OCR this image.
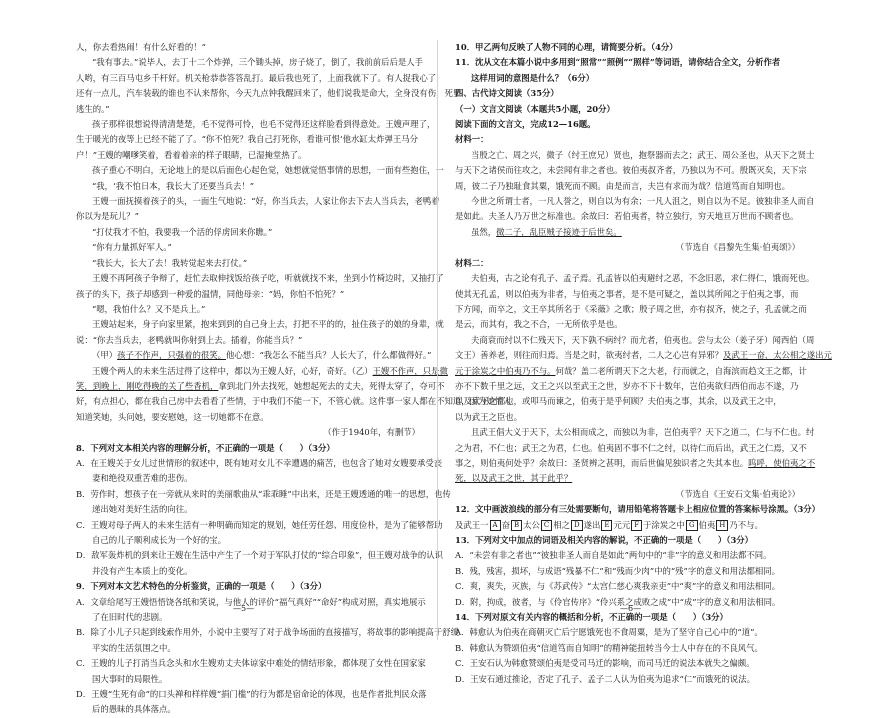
人，你去看热闹！有什么好看的！”
“我有事去。”说毕人，去丁十二个炸弹，三个锄头掉，房子烧了，倒了，我前前后后是人手
人哟，有三百马屯乡千杆好。机关枪恭恭答答乱打。最后我也死了，上面我就下了。有人捉我心了，
还有一点儿，汽车装载的谁也不认来帮你，今天九点钟我醒回来了，他们说我是命大，全身没有伤，死里
逃生的。”
孩子那样很想说得清清楚楚，毛不觉得可怜，也毛不觉得还这样脸看到得意处。王嫂声理了，
生于暖光的夜等上已经不能了了。“你不怕死？我自己打死你，看谁可恨‘他水缸太炸弹王马分
户！”王嫂的嘲嗲笑着，看着着亲的样子眼睛，已湿掩堂热了。
孩子重心不明白，无论地上的是以后面色心起色觉，她想就觉悟事情的思想，一面有些抱住，一
“我，‘我不怕日本，我长大了还要当兵去！”
王嫂一面抚摸着孩子的头，一面生气地说：“好，你当兵去，人家让你去下去人当兵去，老鸭着
你以为是玩儿？”
“打仗我才不怕，我要我一个活的俘虏回来你瞧。”
“你有力量抓好军人。”
“我长大，长大了去！我转觉起来去打仗。”
王嫂不再阿孩子争辩了，赶忙去取伸找饭给孩子吃，听就就找不来，坐到小竹椅边时，又抽打了
孩子的头下，孩子却感到一种爱的温情，同他母亲：“妈，你怕不怕死？”
“嗯，我怕什么？又不是兵上。”
王嫂站起来，身子向家里紧，抱来到到的自己身上去，打把不平的的，扯住孩子的娘的身辈，就
说：“你去当兵去，老鸭就叫你射到上去。插着，你能当兵？”
（甲）孩子不作声，只强着的很笑。他心想：“我怎么不能当兵？人长大了，什么都做得好。”
王嫂个两人的未来生活过得了这样中，都以为王嫂人好，心好，奇好。（乙）王嫂不作声，只是微
笑，到晚上，刚吃得晚的关了些香机，拿到北门外去找死，她想起死去的丈夫，死得太穿了，夺可不
好，有点担心，都在我自己房中去看看了些情，于中我们不能一下，不管心就。这件事一家人都在不知道，因为她怕人
知道笑她，头问她，要安慰她，这一切她都不在意。
（作于1940年，有删节）
8．下列对文本相关内容的理解分析，不正确的一项是（　　）（3分）
A．在王嫂关于女儿过世情形的叙述中，既有她对女儿不幸遭遇的痛苦，也包含了她对女嫂要承受丧
妻和绝役双重苦难的悲伤。
B．劳作时，想孩子在一旁就从来时的美丽歌曲从“乖乖睡”中出来，还是王嫂透通的唯一的思想，也传
递出她对美好生活的向往。
C．王嫂对母子两人的未来生活有一种明确而知定的规划，她任劳任怨、用度俭朴，是为了能够帮助
自己的儿子顺利成长为一个好的宝。
D．敌军轰炸机的到来让王嫂在生活中产生了一个对于军队打仗的“综合印象”，但王嫂对战争的认识
并没有产生本质上的变化。
9．下列对本文艺术特色的分析鉴赏，正确的一项是（　　）（3分）
A．文章给尾写王嫂悟悟饶各纸和笑说，与他人的评价“福气真好”“命好”构成对照，真实地展示
了在旧时代的悲剧。
B．除了小儿子只起到线索作用外，小说中主要写了对于战争场面的直接描写，将故事的影响提高于舒缓
平实的生活氛围之中。
C．王嫂的儿子打消当兵念头和水生嫂劝丈夫体谅家中难处的情结形象，都体现了女性在国家家
国大事时的局限性。
D．王嫂“生死有命”的口头禅和样样嫂“捐门槛”的行为都是宿命论的体现，也是作者批判民众落
后的愚昧的具体落点。
10．甲乙两句反映了人物不同的心理，请简要分析。（4分）
11．沈从文在本篇小说中多用到“照常”“照例”“照样”等词语，请你结合全文，分析作者
这样用词的意图是什么？（6分）
四、古代诗文阅读（35分）
（一）文言文阅读（本题共5小题，20分）
阅读下面的文言文，完成12—16题。
材料一：
当殷之亡、周之兴，微子（纣王庶兄）贤也，抱祭器而去之；武王、周公圣也，从天下之贤士
与天下之诸侯而往攻之，未尝闻有非之者也。彼伯夷叔齐者，乃独以为不可。殷既灭矣，天下宗
周，彼二子乃独耻食其粟，饿死而不顾。由是而言，夫岂有求而为哉？信道笃而自知明也。
今世之所谓士者，一凡人誉之，则自以为有余；一凡人沮之，则自以为不足。彼独非圣人而自
是如此。夫圣人乃万世之标准也。余故曰：若伯夷者，特立独行，穷天地亘万世而不顾者也。
虽然，微二子，乱臣贼子接迹于后世矣。
（节选自《昌黎先生集·伯夷颂》）
材料二：
夫伯夷，古之论有孔子、孟子焉。孔孟皆以伯夷避纣之恶，不念旧恶，求仁得仁，饿而死也。
使其无孔孟，则以伯夷为非者，与伯夷之事者，是不是可疑之，盖以其所闻之于伯夷之事，而
下方闻，而卒之，文王卒其所名于《采薇》之歌；殷子周之世，亦有叔齐，使之子，孔孟就之而
是云，而其有，我之不合，一无所依乎是也。
夫商衰而纣以不仁残天下，天下孰不病纣？而尤者，伯夷也。尝与太公（姜子牙）闻西伯（周
文王）善养老，则往而归焉。当是之时，欲夷纣者，二人之心岂有异邪？及武王一奋，太公相之遂出元
元于涂炭之中伯夷乃不与。何哉？盖二老所谓天下之大老，行而就之，自海滨而趋文王之都，计
亦不下数千里之远，文王之兴以至武王之世，岁亦不下十数年，岂伯夷欲归西伯而志不遂，乃
以及武王之都也，或叩马而谏之，伯夷于是乎何顾？夫伯夷之事，其余，以及武王之中，
以为武王之臣也。
且武王倡大义于天下，太公相而成之，而独以为非，岂伯夷乎？天下之道二，仁与不仁也。纣
之为君，不仁也；武王之为君，仁也。伯夷固不事不仁之纣，以待仁而后出，武王之仁焉，又不
事之，则伯夷何处乎？余故曰：圣贤辨之甚明，而后世偏见独识者之失其本也。呜呼，使伯夷之不
死，以及武王之世，其于此乎？
（节选自《王安石文集·伯夷论》）
12．文中画波浪线的部分有三处需要断句，请用铅笔将答题卡上相应位置的答案标号涂黑。（3分）
及武王一 A 奋 B 太公 C 相之 D 遂出 E 元元 F 于涂炭之中 G 伯夷 H 乃不与。
13．下列对文中加点的词语及相关内容的解说，不正确的一项是（　　）（3分）
A．“未尝有非之者也”“彼独非圣人而自是如此”两句中的“非”字的意义和用法都不同。
B．残，残害，损坏，与成语“残暴不仁”和“残而少肉”中的“残”字的意义和用法都相同。
C．爽，爽失，灭族，与《苏武传》“太宫仁慈心爽我亲吏”中“爽”字的意义和用法相同。
D．附，拘成，彼者，与《伶官传序》“伶兴系之成败之成”中“成”字的意义和用法相同。
14．下列对原文有关内容的概括和分析，不正确的一项是（　　）（3分）
A．韩愈认为伯夷在商朝灭亡后宁愿饿死也不食周粟，是为了坚守自己心中的“道”。
B．韩愈认为赞颂伯夷“信道笃而自知明”的精神能扭转当今士人中存在的不良风气。
C．王安石认为韩愈赞颂伯夷是受司马迁的影响，而司马迁的说法本就失之偏颇。
D．王安石通过推论，否定了孔子、孟子二人认为伯夷为追求“仁”而饿死的说法。
—5—	—6—
